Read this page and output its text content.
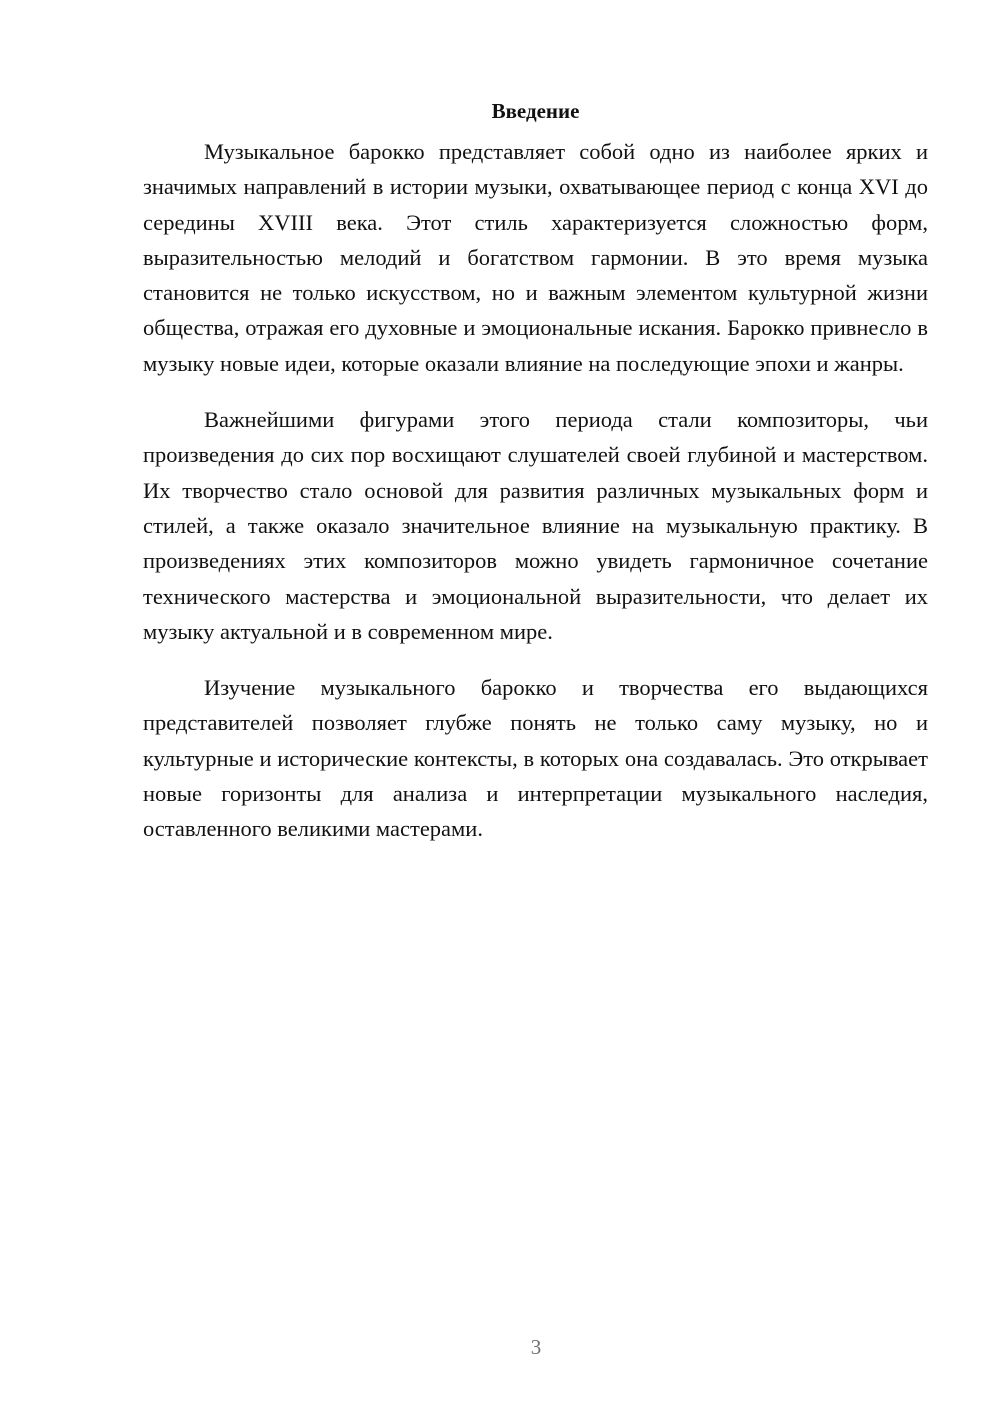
Введение

Музыкальное барокко представляет собой одно из наиболее ярких и значимых направлений в истории музыки, охватывающее период с конца XVI до середины XVIII века. Этот стиль характеризуется сложностью форм, выразительностью мелодий и богатством гармонии. В это время музыка становится не только искусством, но и важным элементом культурной жизни общества, отражая его духовные и эмоциональные искания. Барокко привнесло в музыку новые идеи, которые оказали влияние на последующие эпохи и жанры.

Важнейшими фигурами этого периода стали композиторы, чьи произведения до сих пор восхищают слушателей своей глубиной и мастерством. Их творчество стало основой для развития различных музыкальных форм и стилей, а также оказало значительное влияние на музыкальную практику. В произведениях этих композиторов можно увидеть гармоничное сочетание технического мастерства и эмоциональной выразительности, что делает их музыку актуальной и в современном мире.

Изучение музыкального барокко и творчества его выдающихся представителей позволяет глубже понять не только саму музыку, но и культурные и исторические контексты, в которых она создавалась. Это открывает новые горизонты для анализа и интерпретации музыкального наследия, оставленного великими мастерами.

3
